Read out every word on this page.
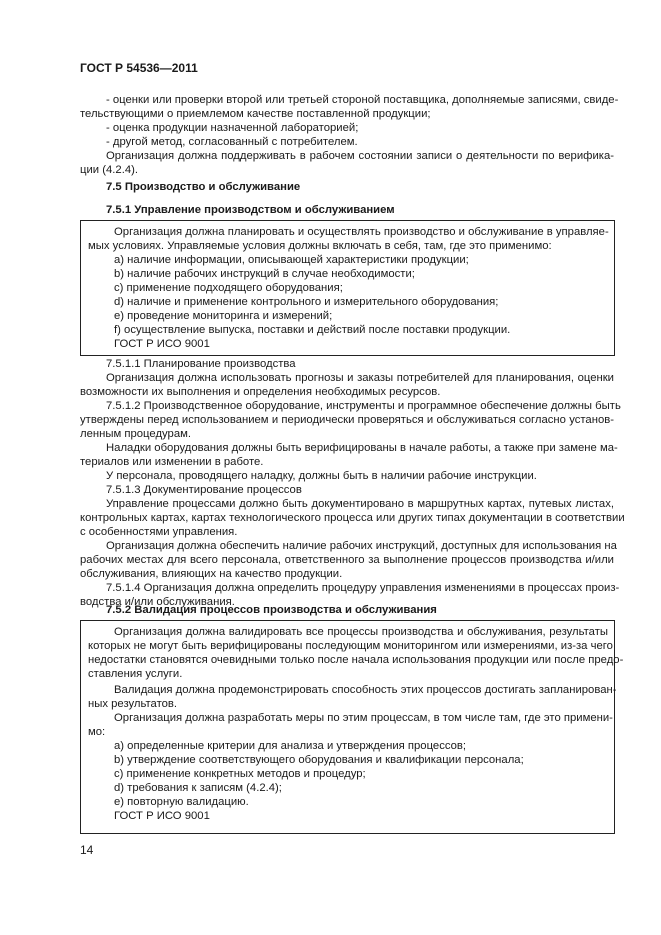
ГОСТ Р 54536—2011
- оценки или проверки второй или третьей стороной поставщика, дополняемые записями, свиде-
тельствующими о приемлемом качестве поставленной продукции;
- оценка продукции назначенной лабораторией;
- другой метод, согласованный с потребителем.
Организация должна поддерживать в рабочем состоянии записи о деятельности по верифика-
ции (4.2.4).
7.5 Производство и обслуживание
7.5.1 Управление производством и обслуживанием
Организация должна планировать и осуществлять производство и обслуживание в управляе-
мых условиях. Управляемые условия должны включать в себя, там, где это применимо:
a) наличие информации, описывающей характеристики продукции;
b) наличие рабочих инструкций в случае необходимости;
c) применение подходящего оборудования;
d) наличие и применение контрольного и измерительного оборудования;
e) проведение мониторинга и измерений;
f) осуществление выпуска, поставки и действий после поставки продукции.
ГОСТ Р ИСО 9001
7.5.1.1 Планирование производства
Организация должна использовать прогнозы и заказы потребителей для планирования, оценки
возможности их выполнения и определения необходимых ресурсов.
7.5.1.2 Производственное оборудование, инструменты и программное обеспечение должны быть
утверждены перед использованием и периодически проверяться и обслуживаться согласно установ-
ленным процедурам.
Наладки оборудования должны быть верифицированы в начале работы, а также при замене ма-
териалов или изменении в работе.
У персонала, проводящего наладку, должны быть в наличии рабочие инструкции.
7.5.1.3 Документирование процессов
Управление процессами должно быть документировано в маршрутных картах, путевых листах,
контрольных картах, картах технологического процесса или других типах документации в соответствии
с особенностями управления.
Организация должна обеспечить наличие рабочих инструкций, доступных для использования на
рабочих местах для всего персонала, ответственного за выполнение процессов производства и/или
обслуживания, влияющих на качество продукции.
7.5.1.4 Организация должна определить процедуру управления изменениями в процессах произ-
водства и/или обслуживания.
7.5.2 Валидация процессов производства и обслуживания
Организация должна валидировать все процессы производства и обслуживания, результаты
которых не могут быть верифицированы последующим мониторингом или измерениями, из-за чего
недостатки становятся очевидными только после начала использования продукции или после предо-
ставления услуги.
Валидация должна продемонстрировать способность этих процессов достигать запланирован-
ных результатов.
Организация должна разработать меры по этим процессам, в том числе там, где это примени-
мо:
a) определенные критерии для анализа и утверждения процессов;
b) утверждение соответствующего оборудования и квалификации персонала;
c) применение конкретных методов и процедур;
d) требования к записям (4.2.4);
e) повторную валидацию.
ГОСТ Р ИСО 9001
14
